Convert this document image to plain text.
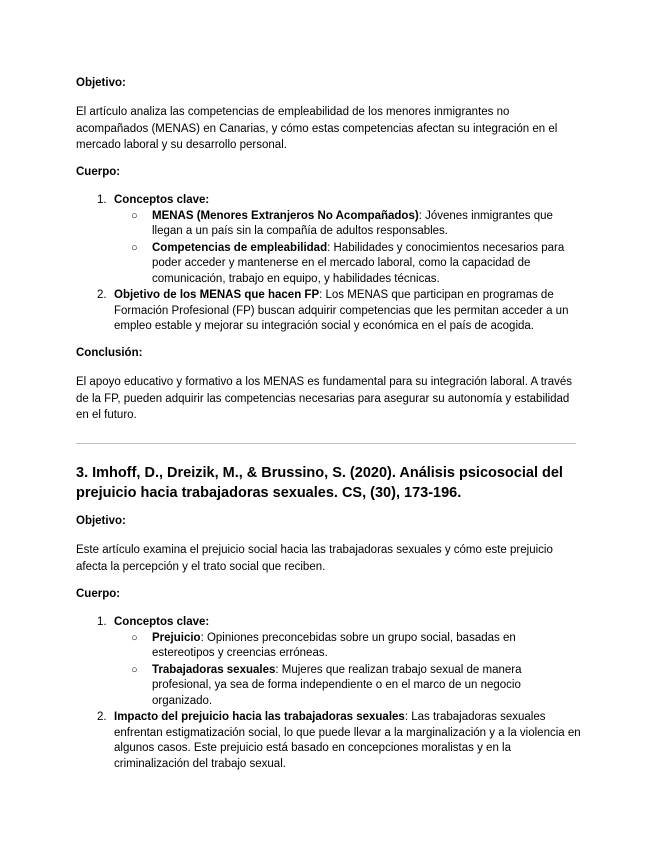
Objetivo:

El artículo analiza las competencias de empleabilidad de los menores inmigrantes no acompañados (MENAS) en Canarias, y cómo estas competencias afectan su integración en el mercado laboral y su desarrollo personal.

Cuerpo:

1. Conceptos clave:
○ MENAS (Menores Extranjeros No Acompañados): Jóvenes inmigrantes que llegan a un país sin la compañía de adultos responsables.
○ Competencias de empleabilidad: Habilidades y conocimientos necesarios para poder acceder y mantenerse en el mercado laboral, como la capacidad de comunicación, trabajo en equipo, y habilidades técnicas.
2. Objetivo de los MENAS que hacen FP: Los MENAS que participan en programas de Formación Profesional (FP) buscan adquirir competencias que les permitan acceder a un empleo estable y mejorar su integración social y económica en el país de acogida.

Conclusión:

El apoyo educativo y formativo a los MENAS es fundamental para su integración laboral. A través de la FP, pueden adquirir las competencias necesarias para asegurar su autonomía y estabilidad en el futuro.

3. Imhoff, D., Dreizik, M., & Brussino, S. (2020). Análisis psicosocial del prejuicio hacia trabajadoras sexuales. CS, (30), 173-196.

Objetivo:

Este artículo examina el prejuicio social hacia las trabajadoras sexuales y cómo este prejuicio afecta la percepción y el trato social que reciben.

Cuerpo:

1. Conceptos clave:
○ Prejuicio: Opiniones preconcebidas sobre un grupo social, basadas en estereotipos y creencias erróneas.
○ Trabajadoras sexuales: Mujeres que realizan trabajo sexual de manera profesional, ya sea de forma independiente o en el marco de un negocio organizado.
2. Impacto del prejuicio hacia las trabajadoras sexuales: Las trabajadoras sexuales enfrentan estigmatización social, lo que puede llevar a la marginalización y a la violencia en algunos casos. Este prejuicio está basado en concepciones moralistas y en la criminalización del trabajo sexual.
